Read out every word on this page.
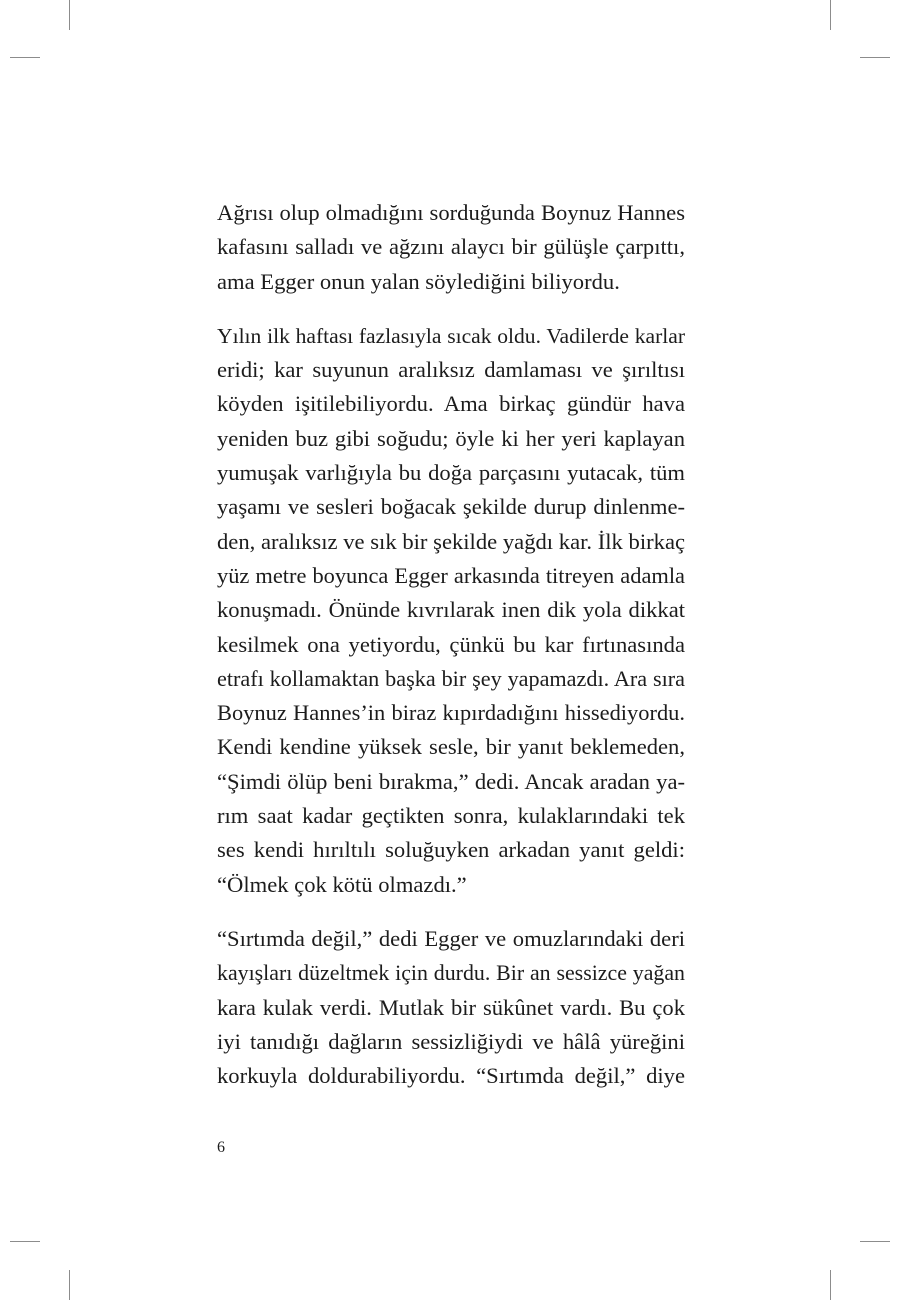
Ağrısı olup olmadığını sorduğunda Boynuz Hannes
kafasını salladı ve ağzını alaycı bir gülüşle çarpıttı,
ama Egger onun yalan söylediğini biliyordu.

Yılın ilk haftası fazlasıyla sıcak oldu. Vadilerde karlar
eridi; kar suyunun aralıksız damlaması ve şırıltısı
köyden işitilebiliyordu. Ama birkaç gündür hava
yeniden buz gibi soğudu; öyle ki her yeri kaplayan
yumuşak varlığıyla bu doğa parçasını yutacak, tüm
yaşamı ve sesleri boğacak şekilde durup dinlenme-
den, aralıksız ve sık bir şekilde yağdı kar. İlk birkaç
yüz metre boyunca Egger arkasında titreyen adamla
konuşmadı. Önünde kıvrılarak inen dik yola dikkat
kesilmek ona yetiyordu, çünkü bu kar fırtınasında
etrafı kollamaktan başka bir şey yapamazdı. Ara sıra
Boynuz Hannes’in biraz kıpırdadığını hissediyordu.
Kendi kendine yüksek sesle, bir yanıt beklemeden,
“Şimdi ölüp beni bırakma,” dedi. Ancak aradan ya-
rım saat kadar geçtikten sonra, kulaklarındaki tek
ses kendi hırıltılı soluğuyken arkadan yanıt geldi:
“Ölmek çok kötü olmazdı.”

“Sırtımda değil,” dedi Egger ve omuzlarındaki deri
kayışları düzeltmek için durdu. Bir an sessizce yağan
kara kulak verdi. Mutlak bir sükûnet vardı. Bu çok
iyi tanıdığı dağların sessizliğiydi ve hâlâ yüreğini
korkuyla doldurabiliyordu. “Sırtımda değil,” diye

6
